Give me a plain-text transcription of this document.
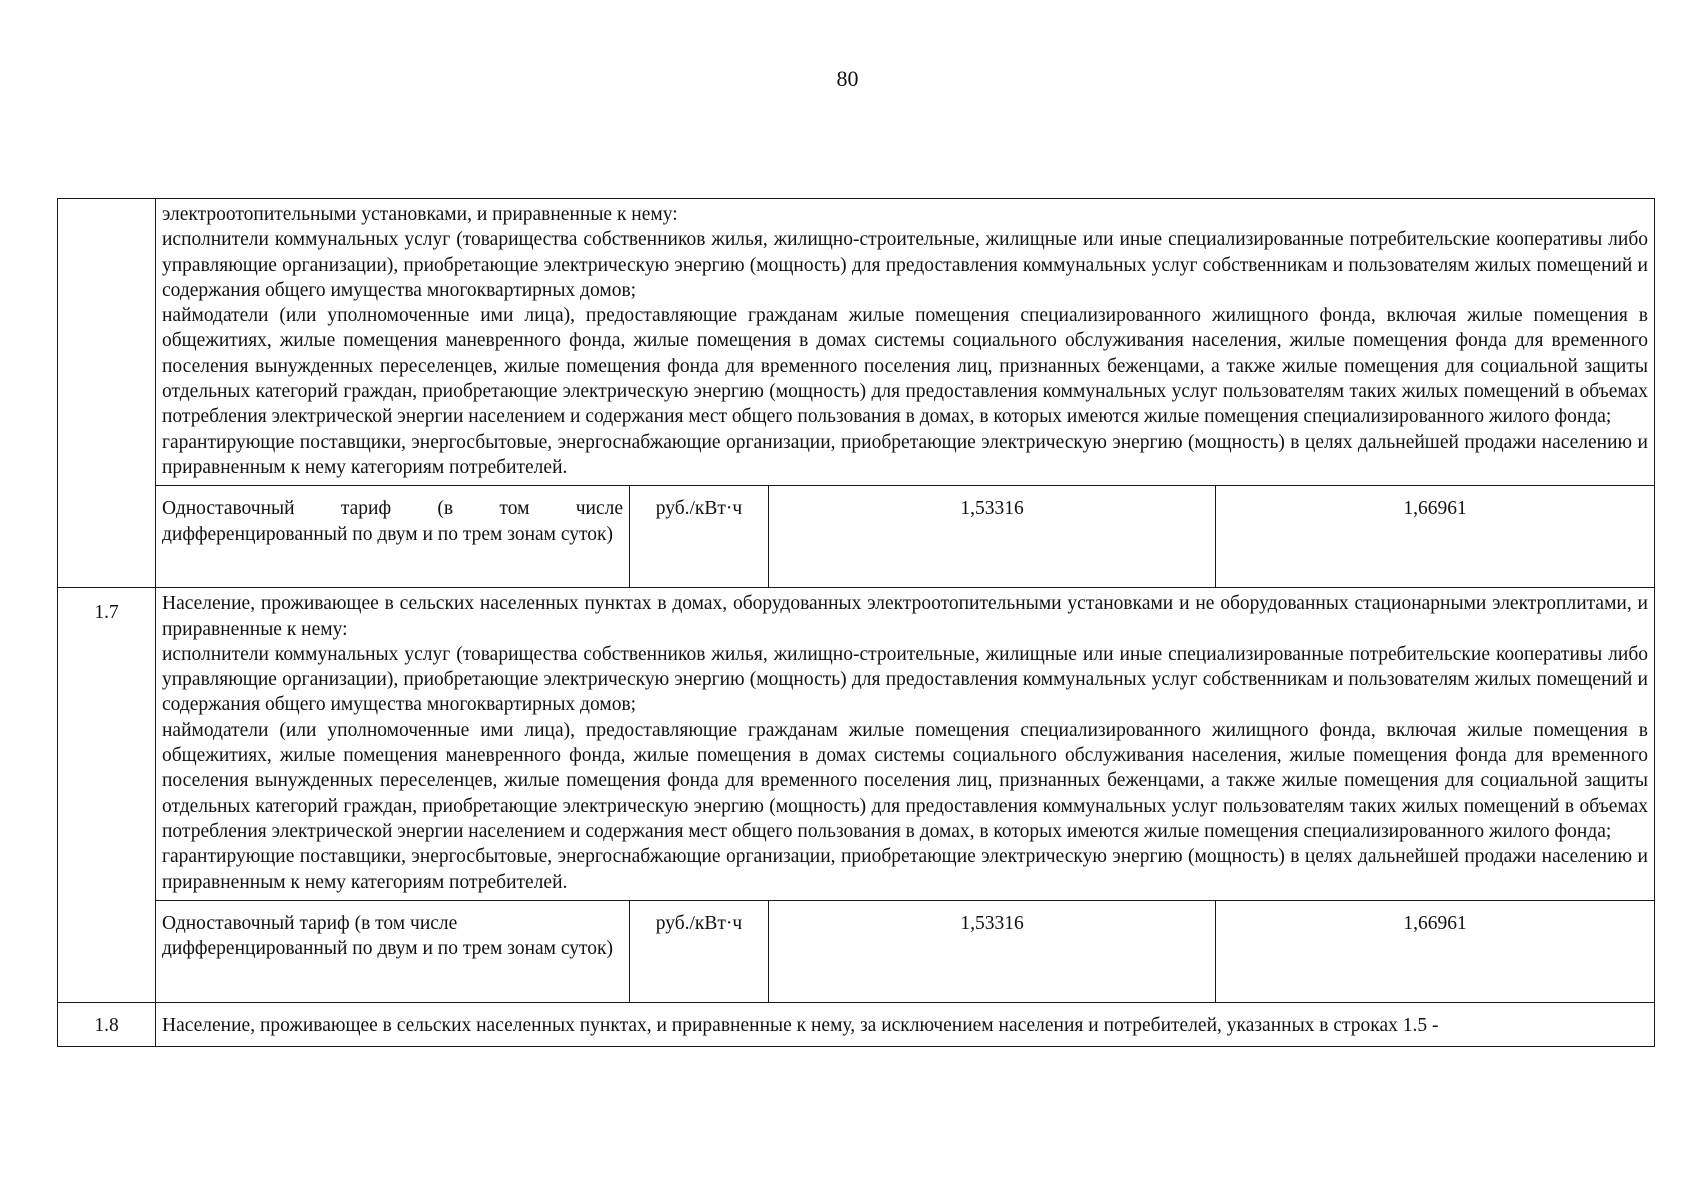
80

	электроотопительными установками, и приравненные к нему:
исполнители коммунальных услуг (товарищества собственников жилья, жилищно-строительные, жилищные или иные специализированные потребительские кооперативы либо управляющие организации), приобретающие электрическую энергию (мощность) для предоставления коммунальных услуг собственникам и пользователям жилых помещений и содержания общего имущества многоквартирных домов;
наймодатели (или уполномоченные ими лица), предоставляющие гражданам жилые помещения специализированного жилищного фонда, включая жилые помещения в общежитиях, жилые помещения маневренного фонда, жилые помещения в домах системы социального обслуживания населения, жилые помещения фонда для временного поселения вынужденных переселенцев, жилые помещения фонда для временного поселения лиц, признанных беженцами, а также жилые помещения для социальной защиты отдельных категорий граждан, приобретающие электрическую энергию (мощность) для предоставления коммунальных услуг пользователям таких жилых помещений в объемах потребления электрической энергии населением и содержания мест общего пользования в домах, в которых имеются жилые помещения специализированного жилого фонда;
гарантирующие поставщики, энергосбытовые, энергоснабжающие организации, приобретающие электрическую энергию (мощность) в целях дальнейшей продажи населению и приравненным к нему категориям потребителей.			

	Одноставочный тариф (в том числе дифференцированный по двум и по трем зонам суток)	руб./кВт·ч	1,53316	1,66961
1.7	Население, проживающее в сельских населенных пунктах в домах, оборудованных электроотопительными установками и не оборудованных стационарными электроплитами, и приравненные к нему:
исполнители коммунальных услуг (товарищества собственников жилья, жилищно-строительные, жилищные или иные специализированные потребительские кооперативы либо управляющие организации), приобретающие электрическую энергию (мощность) для предоставления коммунальных услуг собственникам и пользователям жилых помещений и содержания общего имущества многоквартирных домов;
наймодатели (или уполномоченные ими лица), предоставляющие гражданам жилые помещения специализированного жилищного фонда, включая жилые помещения в общежитиях, жилые помещения маневренного фонда, жилые помещения в домах системы социального обслуживания населения, жилые помещения фонда для временного поселения вынужденных переселенцев, жилые помещения фонда для временного поселения лиц, признанных беженцами, а также жилые помещения для социальной защиты отдельных категорий граждан, приобретающие электрическую энергию (мощность) для предоставления коммунальных услуг пользователям таких жилых помещений в объемах потребления электрической энергии населением и содержания мест общего пользования в домах, в которых имеются жилые помещения специализированного жилого фонда;
гарантирующие поставщики, энергосбытовые, энергоснабжающие организации, приобретающие электрическую энергию (мощность) в целях дальнейшей продажи населению и приравненным к нему категориям потребителей.			

	Одноставочный тариф (в том числе дифференцированный по двум и по трем зонам суток)	руб./кВт·ч	1,53316	1,66961
1.8	Население, проживающее в сельских населенных пунктах, и приравненные к нему, за исключением населения и потребителей, указанных в строках 1.5 -			
